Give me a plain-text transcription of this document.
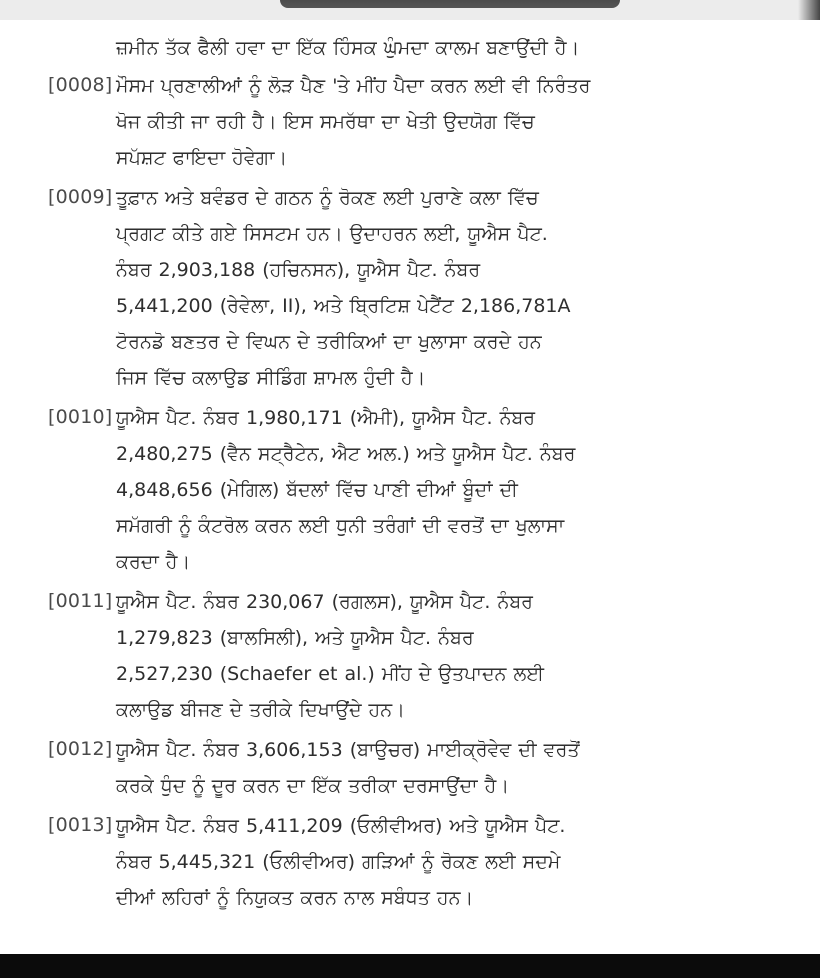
ਜ਼ਮੀਨ ਤੱਕ ਫੈਲੀ ਹਵਾ ਦਾ ਇੱਕ ਹਿੰਸਕ ਘੁੰਮਦਾ ਕਾਲਮ ਬਣਾਉਂਦੀ ਹੈ।
[0008] ਮੌਸਮ ਪ੍ਰਣਾਲੀਆਂ ਨੂੰ ਲੋੜ ਪੈਣ 'ਤੇ ਮੀਂਹ ਪੈਦਾ ਕਰਨ ਲਈ ਵੀ ਨਿਰੰਤਰ
ਖੋਜ ਕੀਤੀ ਜਾ ਰਹੀ ਹੈ। ਇਸ ਸਮਰੱਥਾ ਦਾ ਖੇਤੀ ਉਦਯੋਗ ਵਿੱਚ
ਸਪੱਸ਼ਟ ਫਾਇਦਾ ਹੋਵੇਗਾ।
[0009] ਤੂਫ਼ਾਨ ਅਤੇ ਬਵੰਡਰ ਦੇ ਗਠਨ ਨੂੰ ਰੋਕਣ ਲਈ ਪੁਰਾਣੇ ਕਲਾ ਵਿੱਚ
ਪ੍ਰਗਟ ਕੀਤੇ ਗਏ ਸਿਸਟਮ ਹਨ। ਉਦਾਹਰਨ ਲਈ, ਯੂਐਸ ਪੈਟ.
ਨੰਬਰ 2,903,188 (ਹਚਿਨਸਨ), ਯੂਐਸ ਪੈਟ. ਨੰਬਰ
5,441,200 (ਰੇਵੇਲਾ, II), ਅਤੇ ਬ੍ਰਿਟਿਸ਼ ਪੇਟੈਂਟ 2,186,781A
ਟੋਰਨਡੋ ਬਣਤਰ ਦੇ ਵਿਘਨ ਦੇ ਤਰੀਕਿਆਂ ਦਾ ਖੁਲਾਸਾ ਕਰਦੇ ਹਨ
ਜਿਸ ਵਿੱਚ ਕਲਾਉਡ ਸੀਡਿੰਗ ਸ਼ਾਮਲ ਹੁੰਦੀ ਹੈ।
[0010] ਯੂਐਸ ਪੈਟ. ਨੰਬਰ 1,980,171 (ਐਮੀ), ਯੂਐਸ ਪੈਟ. ਨੰਬਰ
2,480,275 (ਵੈਨ ਸਟ੍ਰੈਟੇਨ, ਐਟ ਅਲ.) ਅਤੇ ਯੂਐਸ ਪੈਟ. ਨੰਬਰ
4,848,656 (ਮੇਗਿਲ) ਬੱਦਲਾਂ ਵਿੱਚ ਪਾਣੀ ਦੀਆਂ ਬੂੰਦਾਂ ਦੀ
ਸਮੱਗਰੀ ਨੂੰ ਕੰਟਰੋਲ ਕਰਨ ਲਈ ਧੁਨੀ ਤਰੰਗਾਂ ਦੀ ਵਰਤੋਂ ਦਾ ਖੁਲਾਸਾ
ਕਰਦਾ ਹੈ।
[0011] ਯੂਐਸ ਪੈਟ. ਨੰਬਰ 230,067 (ਰਗਲਸ), ਯੂਐਸ ਪੈਟ. ਨੰਬਰ
1,279,823 (ਬਾਲਸਿਲੀ), ਅਤੇ ਯੂਐਸ ਪੈਟ. ਨੰਬਰ
2,527,230 (Schaefer et al.) ਮੀਂਹ ਦੇ ਉਤਪਾਦਨ ਲਈ
ਕਲਾਉਡ ਬੀਜਣ ਦੇ ਤਰੀਕੇ ਦਿਖਾਉਂਦੇ ਹਨ।
[0012] ਯੂਐਸ ਪੈਟ. ਨੰਬਰ 3,606,153 (ਬਾਉਚਰ) ਮਾਈਕ੍ਰੋਵੇਵ ਦੀ ਵਰਤੋਂ
ਕਰਕੇ ਧੁੰਦ ਨੂੰ ਦੂਰ ਕਰਨ ਦਾ ਇੱਕ ਤਰੀਕਾ ਦਰਸਾਉਂਦਾ ਹੈ।
[0013] ਯੂਐਸ ਪੈਟ. ਨੰਬਰ 5,411,209 (ਓਲੀਵੀਅਰ) ਅਤੇ ਯੂਐਸ ਪੈਟ.
ਨੰਬਰ 5,445,321 (ਓਲੀਵੀਅਰ) ਗੜਿਆਂ ਨੂੰ ਰੋਕਣ ਲਈ ਸਦਮੇ
ਦੀਆਂ ਲਹਿਰਾਂ ਨੂੰ ਨਿਯੁਕਤ ਕਰਨ ਨਾਲ ਸਬੰਧਤ ਹਨ।
